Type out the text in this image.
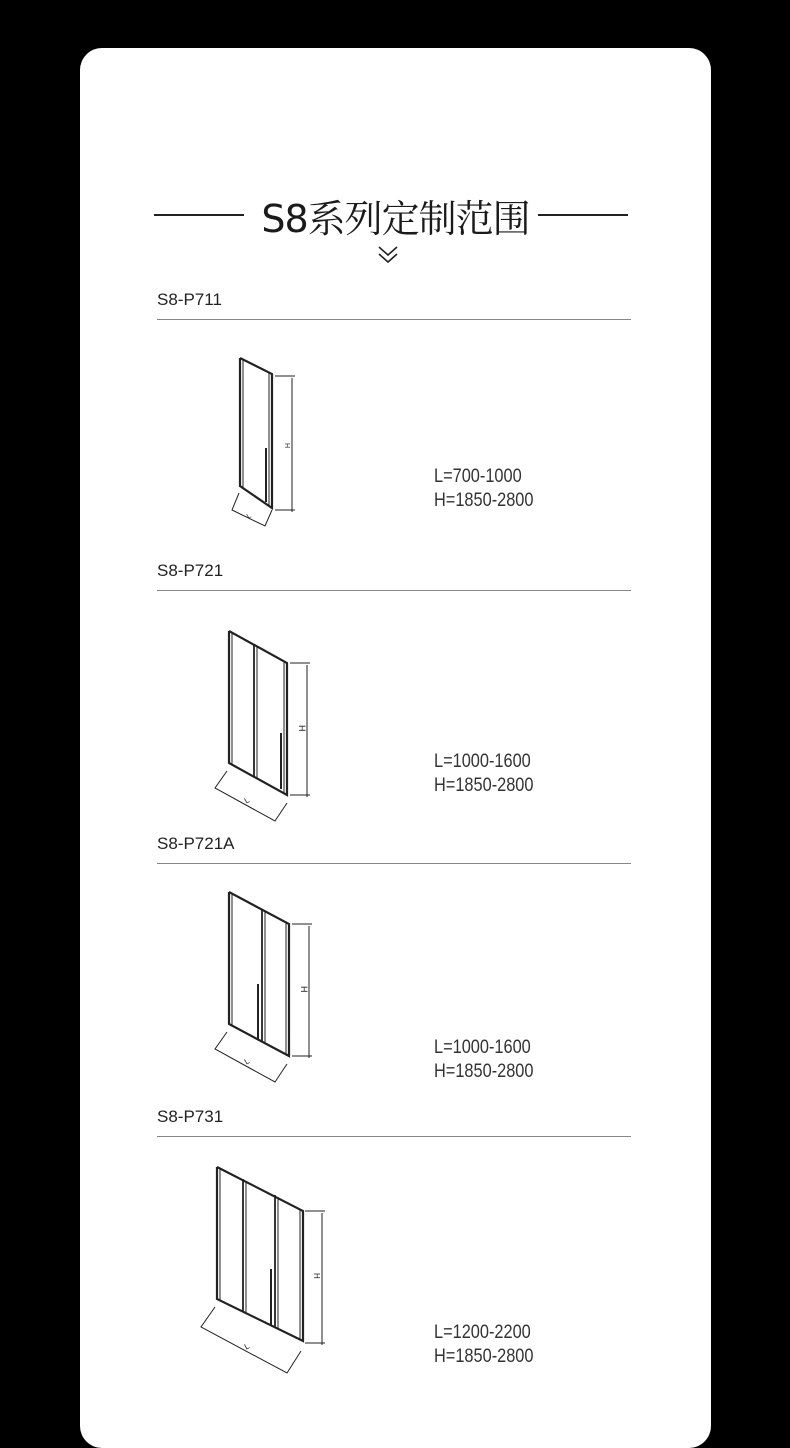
S8系列定制范围
S8-P711
H
L
L=700-1000
H=1850-2800
S8-P721
H
L
L=1000-1600
H=1850-2800
S8-P721A
H
L
L=1000-1600
H=1850-2800
S8-P731
H
L
L=1200-2200
H=1850-2800
